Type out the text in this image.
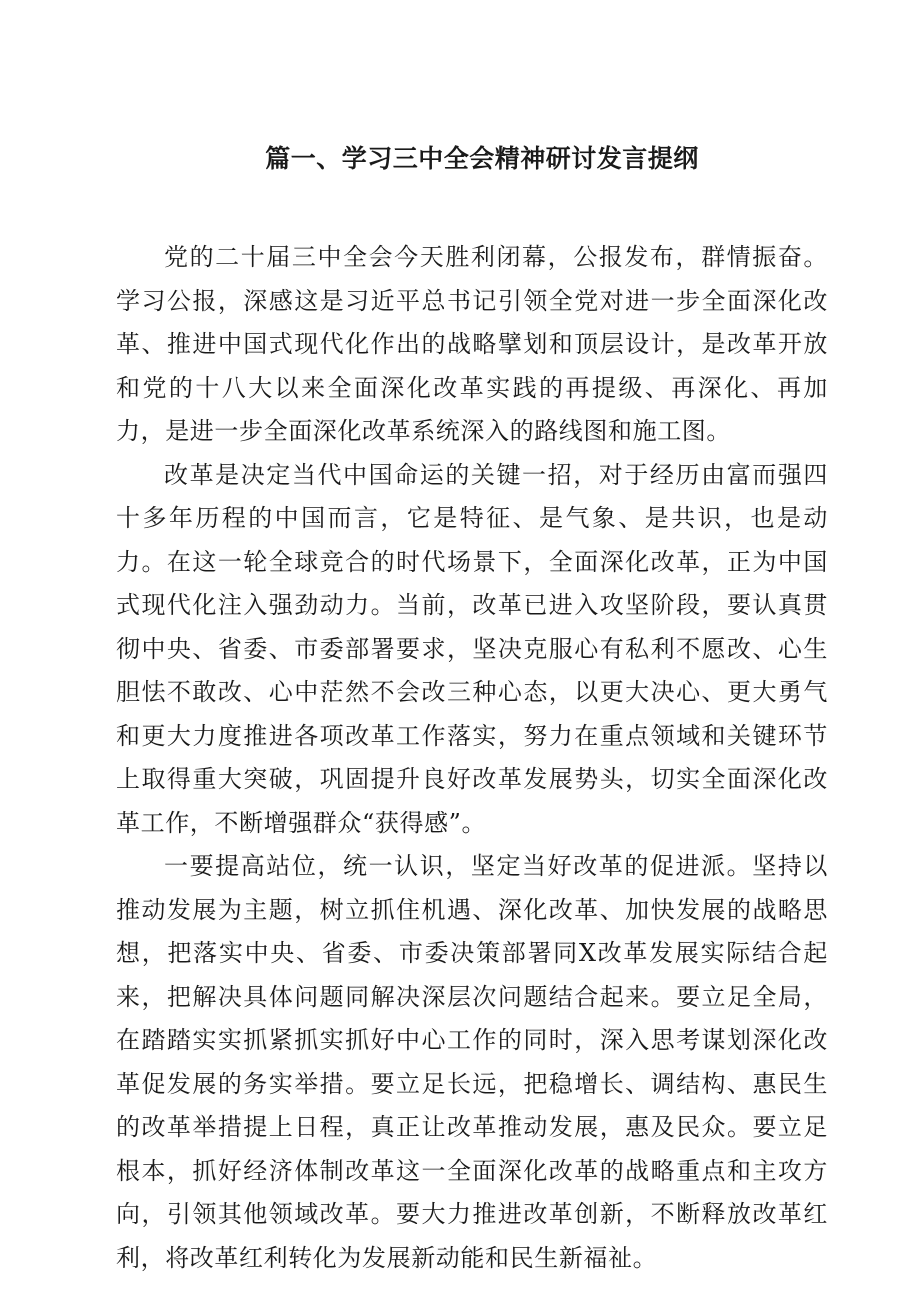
篇一、学习三中全会精神研讨发言提纲

党的二十届三中全会今天胜利闭幕，公报发布，群情振奋。学习公报，深感这是习近平总书记引领全党对进一步全面深化改革、推进中国式现代化作出的战略擘划和顶层设计，是改革开放和党的十八大以来全面深化改革实践的再提级、再深化、再加力，是进一步全面深化改革系统深入的路线图和施工图。

改革是决定当代中国命运的关键一招，对于经历由富而强四十多年历程的中国而言，它是特征、是气象、是共识，也是动力。在这一轮全球竞合的时代场景下，全面深化改革，正为中国式现代化注入强劲动力。当前，改革已进入攻坚阶段，要认真贯彻中央、省委、市委部署要求，坚决克服心有私利不愿改、心生胆怯不敢改、心中茫然不会改三种心态，以更大决心、更大勇气和更大力度推进各项改革工作落实，努力在重点领域和关键环节上取得重大突破，巩固提升良好改革发展势头，切实全面深化改革工作，不断增强群众“获得感”。

一要提高站位，统一认识，坚定当好改革的促进派。坚持以推动发展为主题，树立抓住机遇、深化改革、加快发展的战略思想，把落实中央、省委、市委决策部署同X改革发展实际结合起来，把解决具体问题同解决深层次问题结合起来。要立足全局，在踏踏实实抓紧抓实抓好中心工作的同时，深入思考谋划深化改革促发展的务实举措。要立足长远，把稳增长、调结构、惠民生的改革举措提上日程，真正让改革推动发展，惠及民众。要立足根本，抓好经济体制改革这一全面深化改革的战略重点和主攻方向，引领其他领域改革。要大力推进改革创新，不断释放改革红利，将改革红利转化为发展新动能和民生新福祉。
